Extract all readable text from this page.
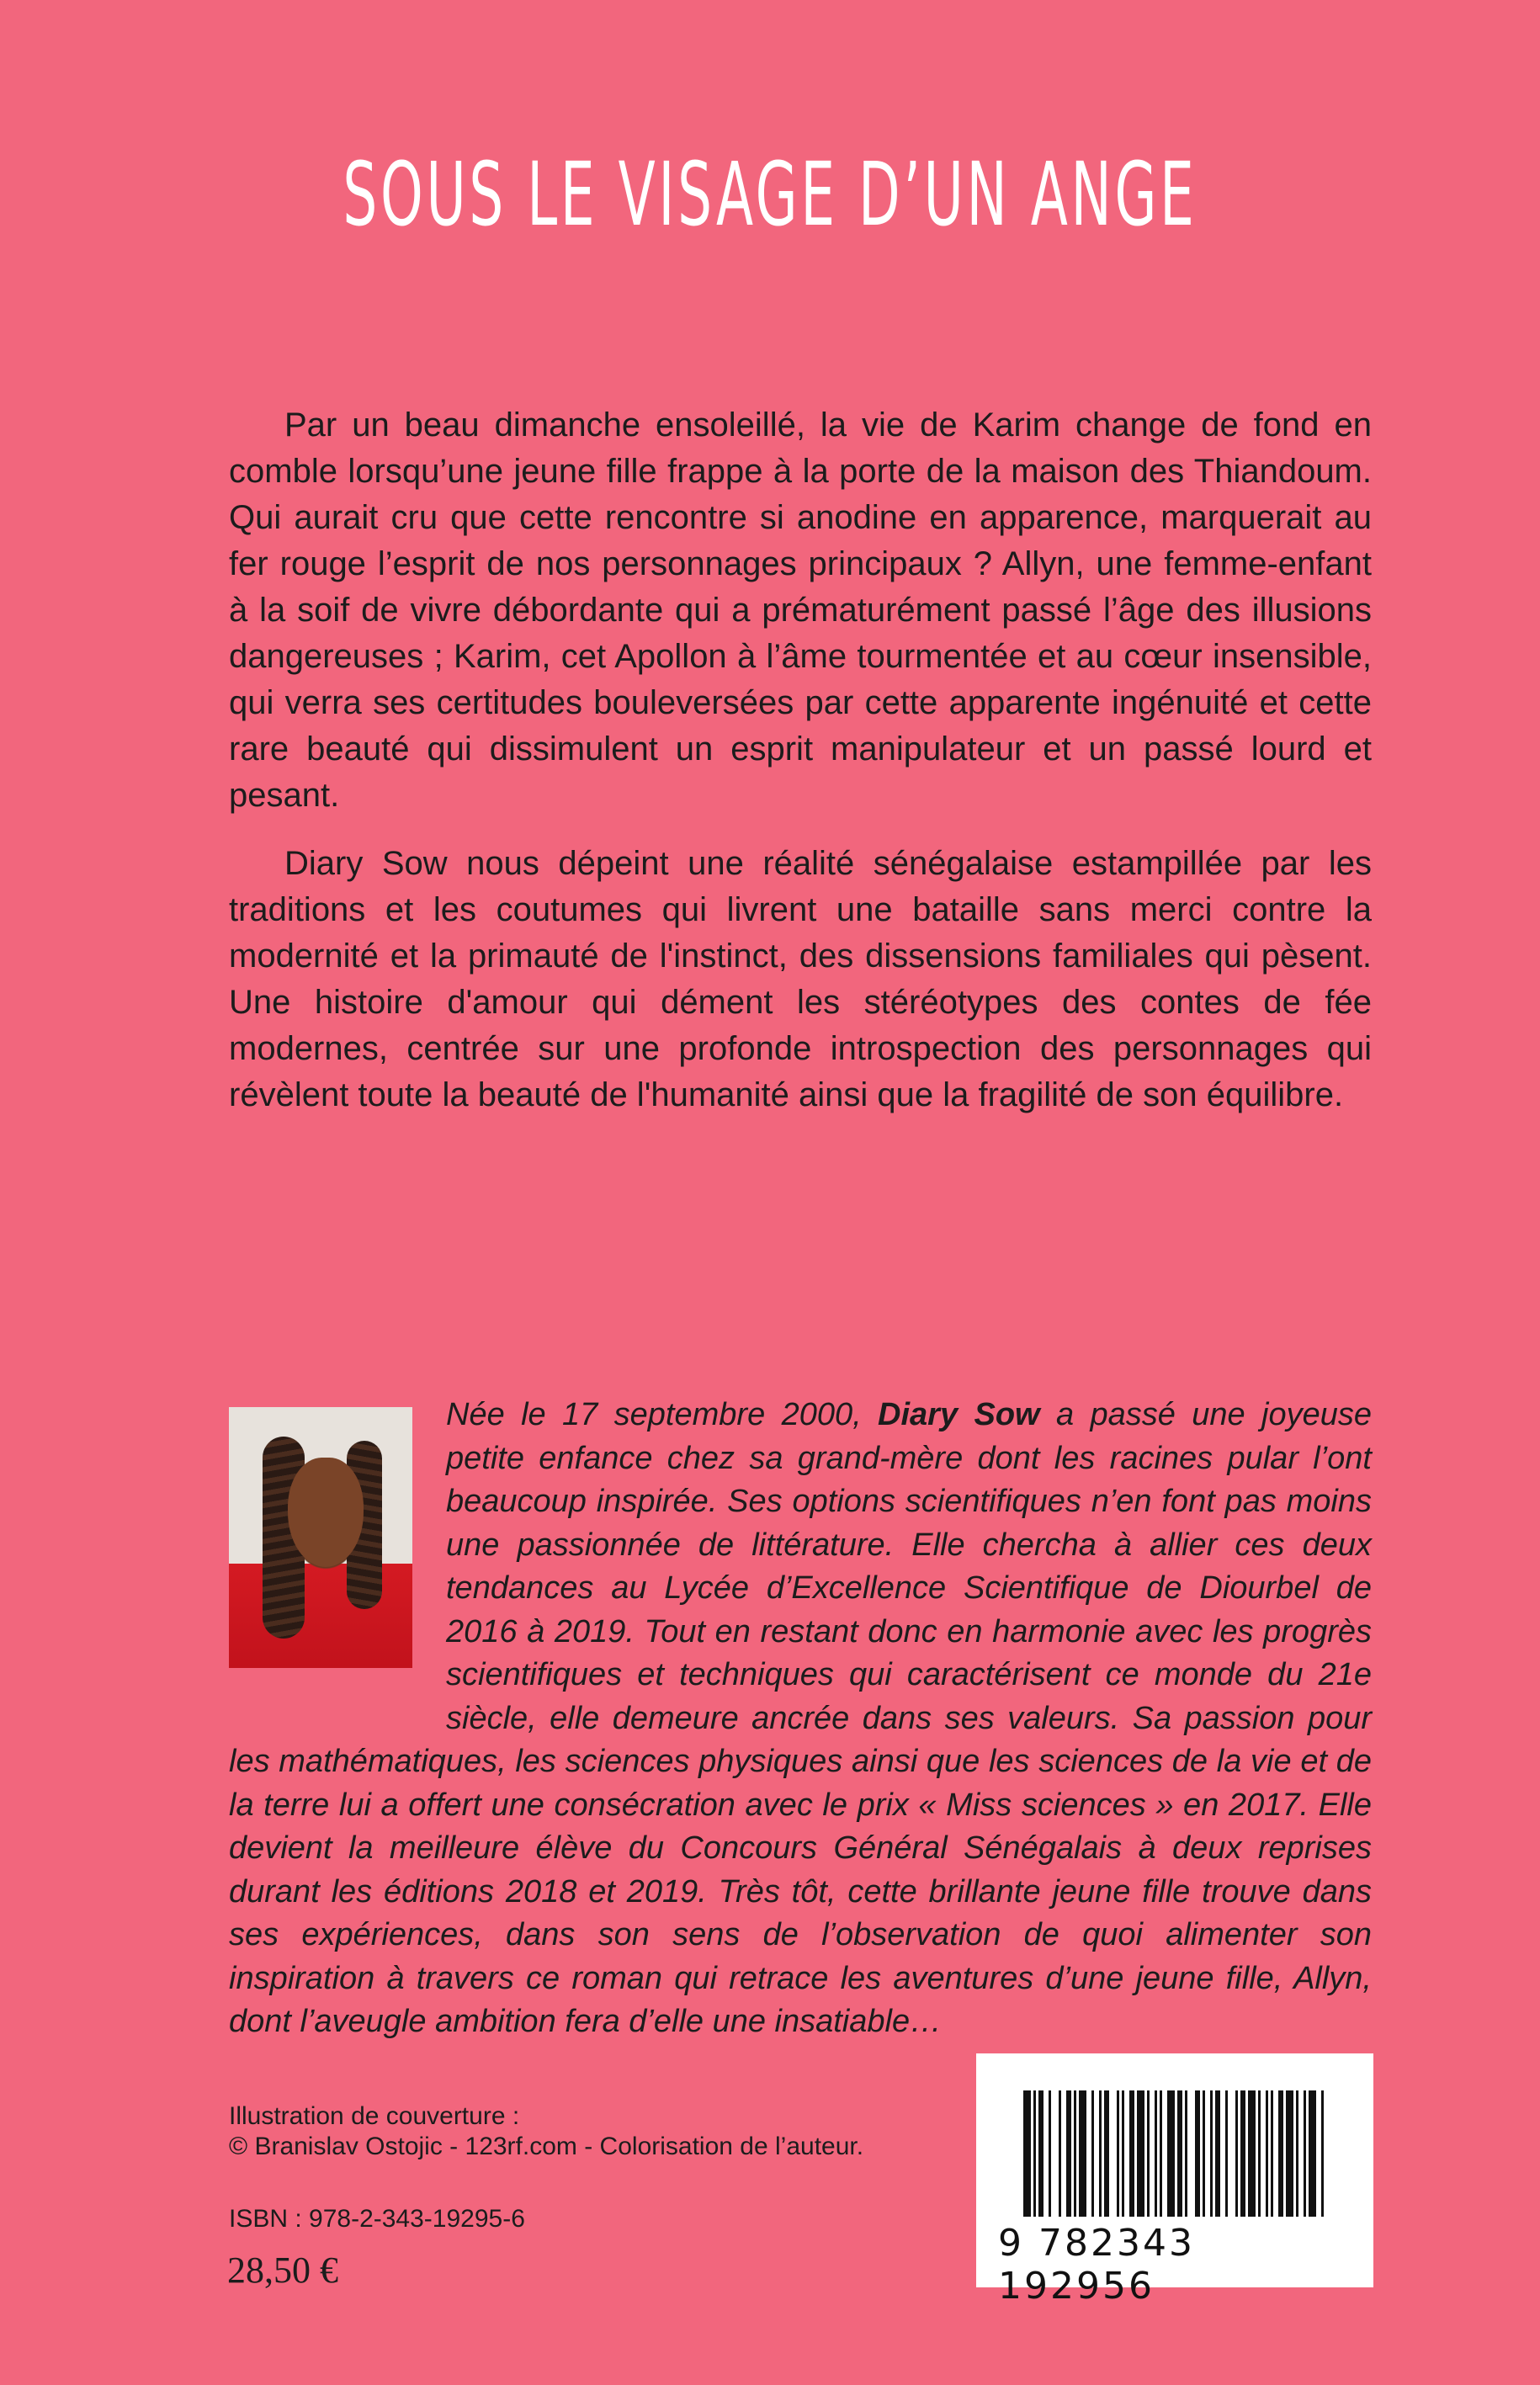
SOUS LE VISAGE D’UN ANGE

Par un beau dimanche ensoleillé, la vie de Karim change de fond en comble lorsqu’une jeune fille frappe à la porte de la maison des Thiandoum. Qui aurait cru que cette rencontre si anodine en apparence, marquerait au fer rouge l’esprit de nos personnages principaux ? Allyn, une femme-enfant à la soif de vivre débordante qui a prématurément passé l’âge des illusions dangereuses ; Karim, cet Apollon à l’âme tourmentée et au cœur insensible, qui verra ses certitudes bouleversées par cette apparente ingénuité et cette rare beauté qui dissimulent un esprit manipulateur et un passé lourd et pesant.

Diary Sow nous dépeint une réalité sénégalaise estampillée par les traditions et les coutumes qui livrent une bataille sans merci contre la modernité et la primauté de l'instinct, des dissensions familiales qui pèsent. Une histoire d'amour qui dément les stéréotypes des contes de fée modernes, centrée sur une profonde introspection des personnages qui révèlent toute la beauté de l'humanité ainsi que la fragilité de son équilibre.

Née le 17 septembre 2000, Diary Sow a passé une joyeuse petite enfance chez sa grand-mère dont les racines pular l’ont beaucoup inspirée. Ses options scientifiques n’en font pas moins une passionnée de littérature. Elle chercha à allier ces deux tendances au Lycée d’Excellence Scientifique de Diourbel de 2016 à 2019. Tout en restant donc en harmonie avec les progrès scientifiques et techniques qui caractérisent ce monde du 21e siècle, elle demeure ancrée dans ses valeurs. Sa passion pour les mathématiques, les sciences physiques ainsi que les sciences de la vie et de la terre lui a offert une consécration avec le prix « Miss sciences » en 2017. Elle devient la meilleure élève du Concours Général Sénégalais à deux reprises durant les éditions 2018 et 2019. Très tôt, cette brillante jeune fille trouve dans ses expériences, dans son sens de l’observation de quoi alimenter son inspiration à travers ce roman qui retrace les aventures d’une jeune fille, Allyn, dont l’aveugle ambition fera d’elle une insatiable…
Illustration de couverture :
© Branislav Ostojic - 123rf.com - Colorisation de l’auteur.
ISBN : 978-2-343-19295-6
28,50 €
9 782343 192956
